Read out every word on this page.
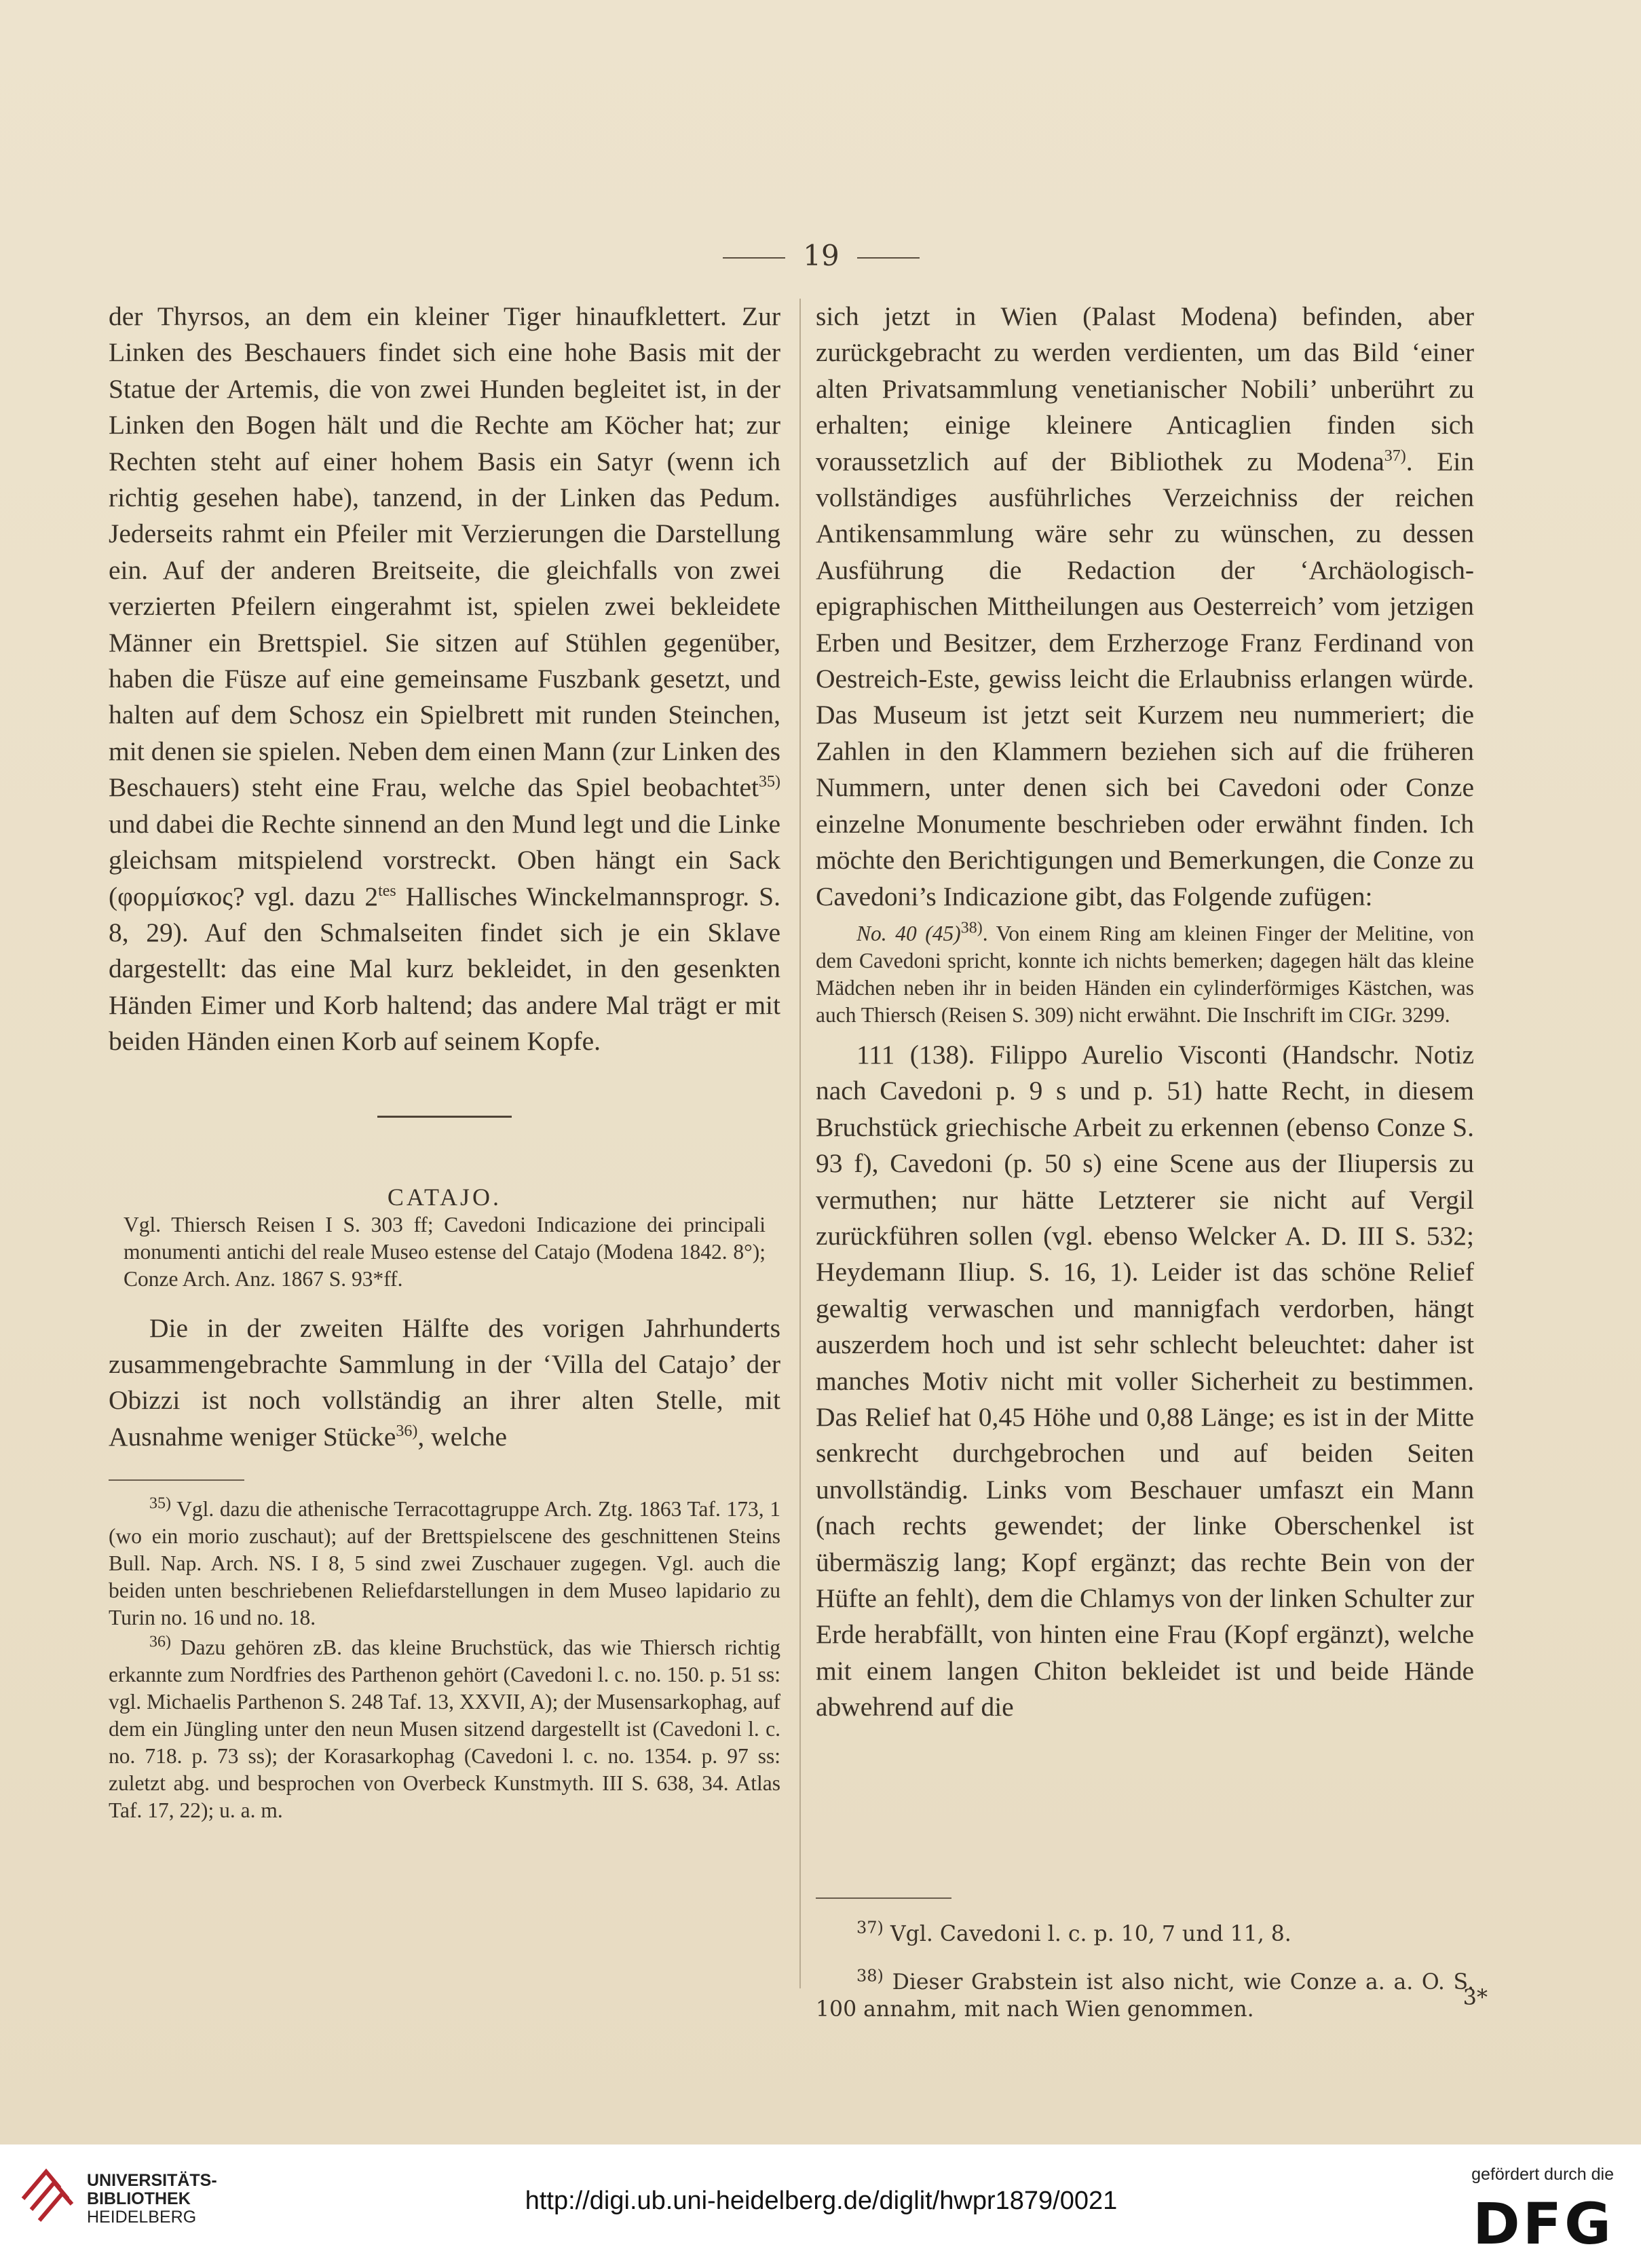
19

der Thyrsos, an dem ein kleiner Tiger hinaufklettert. Zur Linken des Beschauers findet sich eine hohe Basis mit der Statue der Artemis, die von zwei Hunden begleitet ist, in der Linken den Bogen hält und die Rechte am Köcher hat; zur Rechten steht auf einer hohem Basis ein Satyr (wenn ich richtig gesehen habe), tanzend, in der Linken das Pedum. Jederseits rahmt ein Pfeiler mit Verzierungen die Darstellung ein. Auf der anderen Breitseite, die gleichfalls von zwei verzierten Pfeilern eingerahmt ist, spielen zwei bekleidete Männer ein Brettspiel. Sie sitzen auf Stühlen gegenüber, haben die Füsze auf eine gemeinsame Fuszbank gesetzt, und halten auf dem Schosz ein Spielbrett mit runden Steinchen, mit denen sie spielen. Neben dem einen Mann (zur Linken des Beschauers) steht eine Frau, welche das Spiel beobachtet$^{35)}$ und dabei die Rechte sinnend an den Mund legt und die Linke gleichsam mitspielend vorstreckt. Oben hängt ein Sack (φορμίσκος? vgl. dazu $2^{tes}$ Hallisches Winckelmannsprogr. S. 8, 29). Auf den Schmalseiten findet sich je ein Sklave dargestellt: das eine Mal kurz bekleidet, in den gesenkten Händen Eimer und Korb haltend; das andere Mal trägt er mit beiden Händen einen Korb auf seinem Kopfe.

CATAJO.

Vgl. Thiersch Reisen I S. 303 ff; Cavedoni Indicazione dei principali monumenti antichi del reale Museo estense del Catajo (Modena 1842. 8°); Conze Arch. Anz. 1867 S. 93*ff.

Die in der zweiten Hälfte des vorigen Jahrhunderts zusammengebrachte Sammlung in der ‘Villa del Catajo’ der Obizzi ist noch vollständig an ihrer alten Stelle, mit Ausnahme weniger Stücke$^{36)}$, welche

$^{35)}$ Vgl. dazu die athenische Terracottagruppe Arch. Ztg. 1863 Taf. 173, 1 (wo ein morio zuschaut); auf der Brettspielscene des geschnittenen Steins Bull. Nap. Arch. NS. I 8, 5 sind zwei Zuschauer zugegen. Vgl. auch die beiden unten beschriebenen Reliefdarstellungen in dem Museo lapidario zu Turin no. 16 und no. 18.

$^{36)}$ Dazu gehören zB. das kleine Bruchstück, das wie Thiersch richtig erkannte zum Nordfries des Parthenon gehört (Cavedoni l. c. no. 150. p. 51 ss: vgl. Michaelis Parthenon S. 248 Taf. 13, XXVII, A); der Musensarkophag, auf dem ein Jüngling unter den neun Musen sitzend dargestellt ist (Cavedoni l. c. no. 718. p. 73 ss); der Korasarkophag (Cavedoni l. c. no. 1354. p. 97 ss: zuletzt abg. und besprochen von Overbeck Kunstmyth. III S. 638, 34. Atlas Taf. 17, 22); u. a. m.

sich jetzt in Wien (Palast Modena) befinden, aber zurückgebracht zu werden verdienten, um das Bild ‘einer alten Privatsammlung venetianischer Nobili’ unberührt zu erhalten; einige kleinere Anticaglien finden sich voraussetzlich auf der Bibliothek zu Modena$^{37)}$. Ein vollständiges ausführliches Verzeichniss der reichen Antikensammlung wäre sehr zu wünschen, zu dessen Ausführung die Redaction der ‘Archäologisch-epigraphischen Mittheilungen aus Oesterreich’ vom jetzigen Erben und Besitzer, dem Erzherzoge Franz Ferdinand von Oestreich-Este, gewiss leicht die Erlaubniss erlangen würde. Das Museum ist jetzt seit Kurzem neu nummeriert; die Zahlen in den Klammern beziehen sich auf die früheren Nummern, unter denen sich bei Cavedoni oder Conze einzelne Monumente beschrieben oder erwähnt finden. Ich möchte den Berichtigungen und Bemerkungen, die Conze zu Cavedoni’s Indicazione gibt, das Folgende zufügen:

No. 40 $(45)^{38)}$. Von einem Ring am kleinen Finger der Melitine, von dem Cavedoni spricht, konnte ich nichts bemerken; dagegen hält das kleine Mädchen neben ihr in beiden Händen ein cylinderförmiges Kästchen, was auch Thiersch (Reisen S. 309) nicht erwähnt. Die Inschrift im CIGr. 3299.

111 (138). Filippo Aurelio Visconti (Handschr. Notiz nach Cavedoni p. 9 s und p. 51) hatte Recht, in diesem Bruchstück griechische Arbeit zu erkennen (ebenso Conze S. 93 f), Cavedoni (p. 50 s) eine Scene aus der Iliupersis zu vermuthen; nur hätte Letzterer sie nicht auf Vergil zurückführen sollen (vgl. ebenso Welcker A. D. III S. 532; Heydemann Iliup. S. 16, 1). Leider ist das schöne Relief gewaltig verwaschen und mannigfach verdorben, hängt auszerdem hoch und ist sehr schlecht beleuchtet: daher ist manches Motiv nicht mit voller Sicherheit zu bestimmen. Das Relief hat 0,45 Höhe und 0,88 Länge; es ist in der Mitte senkrecht durchgebrochen und auf beiden Seiten unvollständig. Links vom Beschauer umfaszt ein Mann (nach rechts gewendet; der linke Oberschenkel ist übermäszig lang; Kopf ergänzt; das rechte Bein von der Hüfte an fehlt), dem die Chlamys von der linken Schulter zur Erde herabfällt, von hinten eine Frau (Kopf ergänzt), welche mit einem langen Chiton bekleidet ist und beide Hände abwehrend auf die

$^{37)}$ Vgl. Cavedoni l. c. p. 10, 7 und 11, 8.

$^{38)}$ Dieser Grabstein ist also nicht, wie Conze a. a. O. S. 100 annahm, mit nach Wien genommen.	3*
UNIVERSITÄTS-
BIBLIOTHEK
HEIDELBERG
http://digi.ub.uni-heidelberg.de/diglit/hwpr1879/0021
gefördert durch die
DFG
